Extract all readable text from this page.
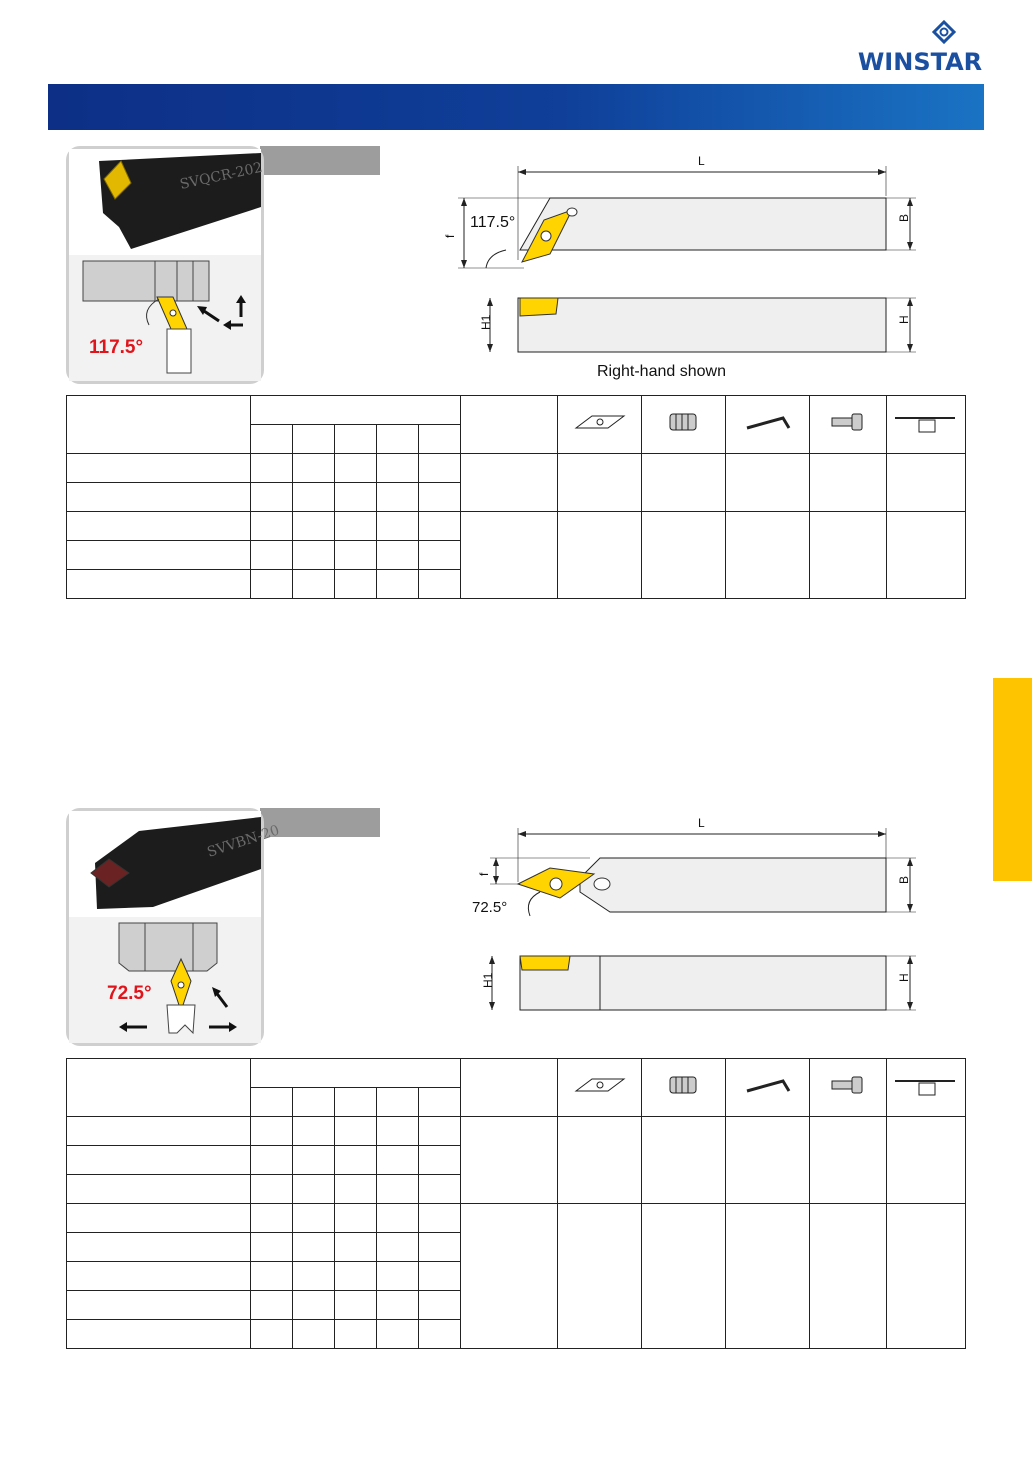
WINSTAR
SVQCR-202
117.5°
L
B
f
117.5°
H1	H
Right-hand shown

SVVBN-20
72.5°
L
B
f
72.5°
H1	H
